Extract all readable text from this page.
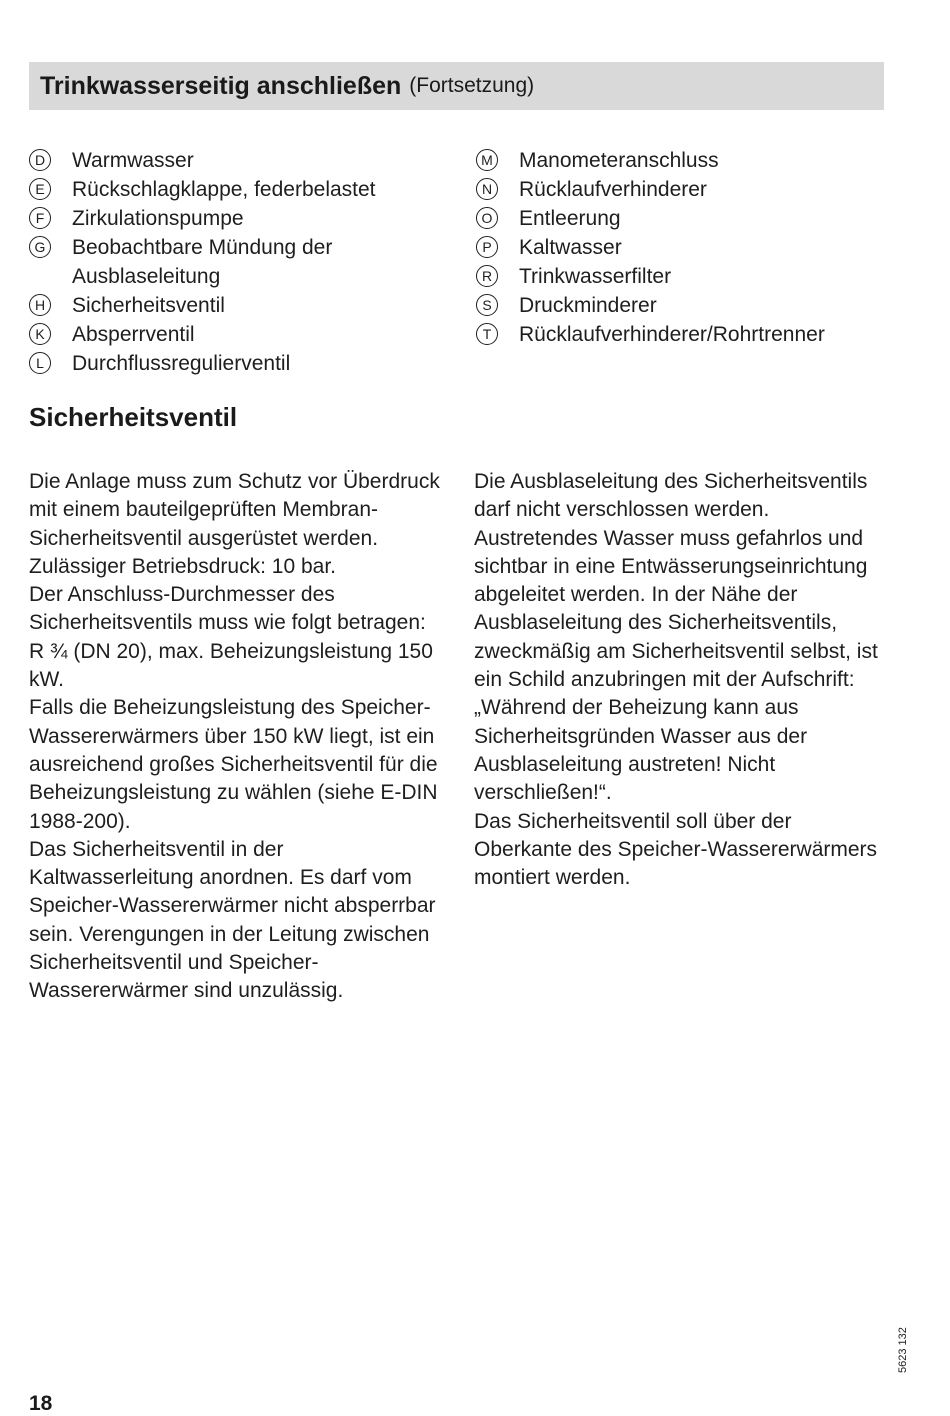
Trinkwasserseitig anschließen (Fortsetzung)
D Warmwasser
E	Rückschlagklappe, federbelastet
F	Zirkulationspumpe
G Beobachtbare Mündung der Ausblaseleitung
H Sicherheitsventil
K	Absperrventil
L	Durchflussregulierventil
M Manometeranschluss
N Rücklaufverhinderer
O Entleerung
P	Kaltwasser
R Trinkwasserfilter
S	Druckminderer
T	Rücklaufverhinderer/Rohrtrenner
Sicherheitsventil

Die Anlage muss zum Schutz vor Überdruck mit einem bauteilgeprüften Membran-Sicherheitsventil ausgerüstet werden.

Zulässiger Betriebsdruck: 10 bar.

Der Anschluss-Durchmesser des Sicherheitsventils muss wie folgt betragen:

R ¾ (DN 20), max. Beheizungsleistung 150 kW.

Falls die Beheizungsleistung des Speicher-Wassererwärmers über 150 kW liegt, ist ein ausreichend großes Sicherheitsventil für die Beheizungsleistung zu wählen (siehe E-DIN 1988-200).

Das Sicherheitsventil in der Kaltwasserleitung anordnen. Es darf vom Speicher-Wassererwärmer nicht absperrbar sein. Verengungen in der Leitung zwischen Sicherheitsventil und Speicher- Wassererwärmer sind unzulässig.

Die Ausblaseleitung des Sicherheitsventils darf nicht verschlossen werden. Austretendes Wasser muss gefahrlos und sichtbar in eine Entwässerungseinrichtung abgeleitet werden. In der Nähe der Ausblaseleitung des Sicherheitsventils, zweckmäßig am Sicherheitsventil selbst, ist ein Schild anzubringen mit der Aufschrift: „Während der Beheizung kann aus Sicherheitsgründen Wasser aus der Ausblaseleitung austreten! Nicht verschließen!“.

Das Sicherheitsventil soll über der Oberkante des Speicher-Wassererwärmers montiert werden.

5623 132
18
